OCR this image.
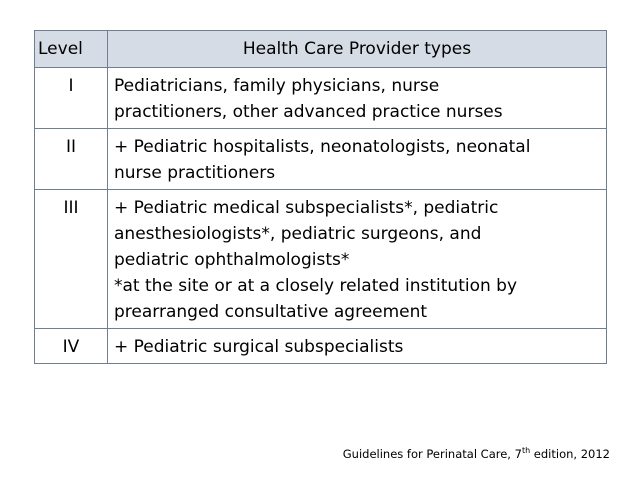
Level	Health Care Provider types
I	Pediatricians, family physicians, nurse
practitioners, other advanced practice nurses

II	+ Pediatric hospitalists, neonatologists, neonatal
nurse practitioners

III	+ Pediatric medical subspecialists*, pediatric
anesthesiologists*, pediatric surgeons, and
pediatric ophthalmologists*
*at the site or at a closely related institution by
prearranged consultative agreement

IV	+ Pediatric surgical subspecialists
Guidelines for Perinatal Care, 7th edition, 2012
